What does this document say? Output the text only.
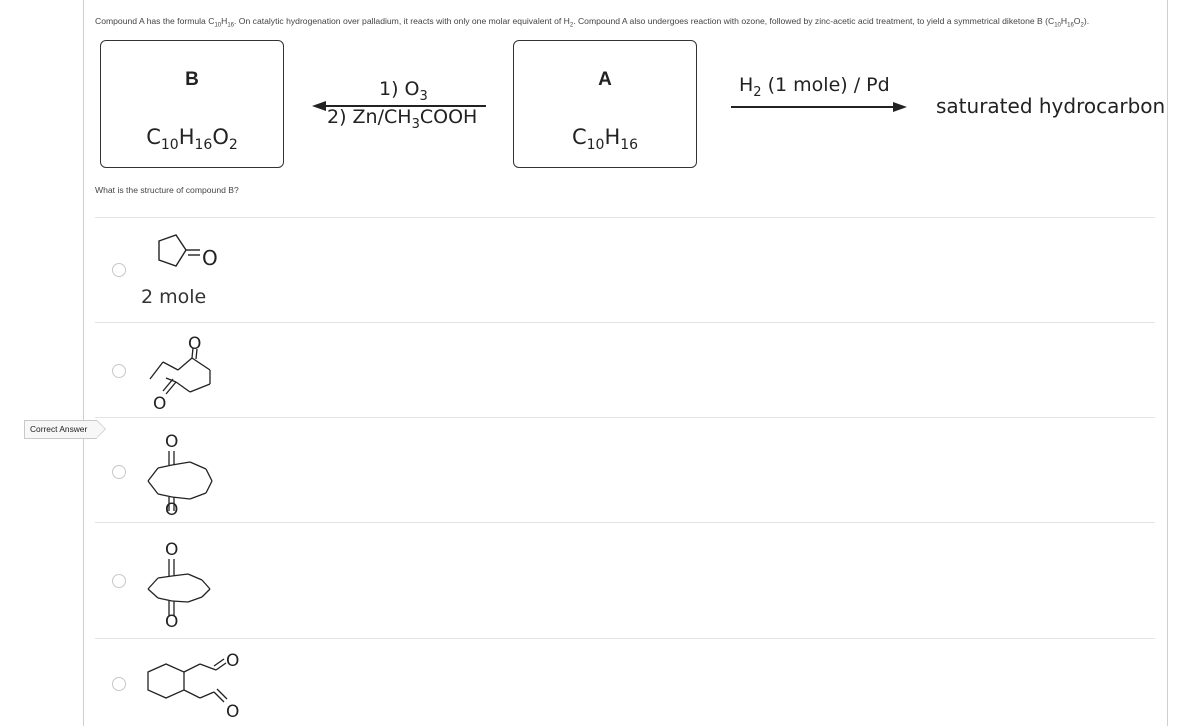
Compound A has the formula $C_{10}H_{16}$. On catalytic hydrogenation over palladium, it reacts with only one molar equivalent of $H_2$. Compound A also undergoes reaction with ozone, followed by zinc-acetic acid treatment, to yield a symmetrical diketone B $(C_{10}H_{16}O_2)$.
B
$C_{10}H_{16}O_2$
1) $O_3$
2) $Zn/CH_3COOH$
A
$C_{10}H_{16}$
$H_2$ (1 mole) / Pd
saturated hydrocarbon
What is the structure of compound B?
O
2 mole
O
O
O
O
O
O
O
O
Correct Answer
